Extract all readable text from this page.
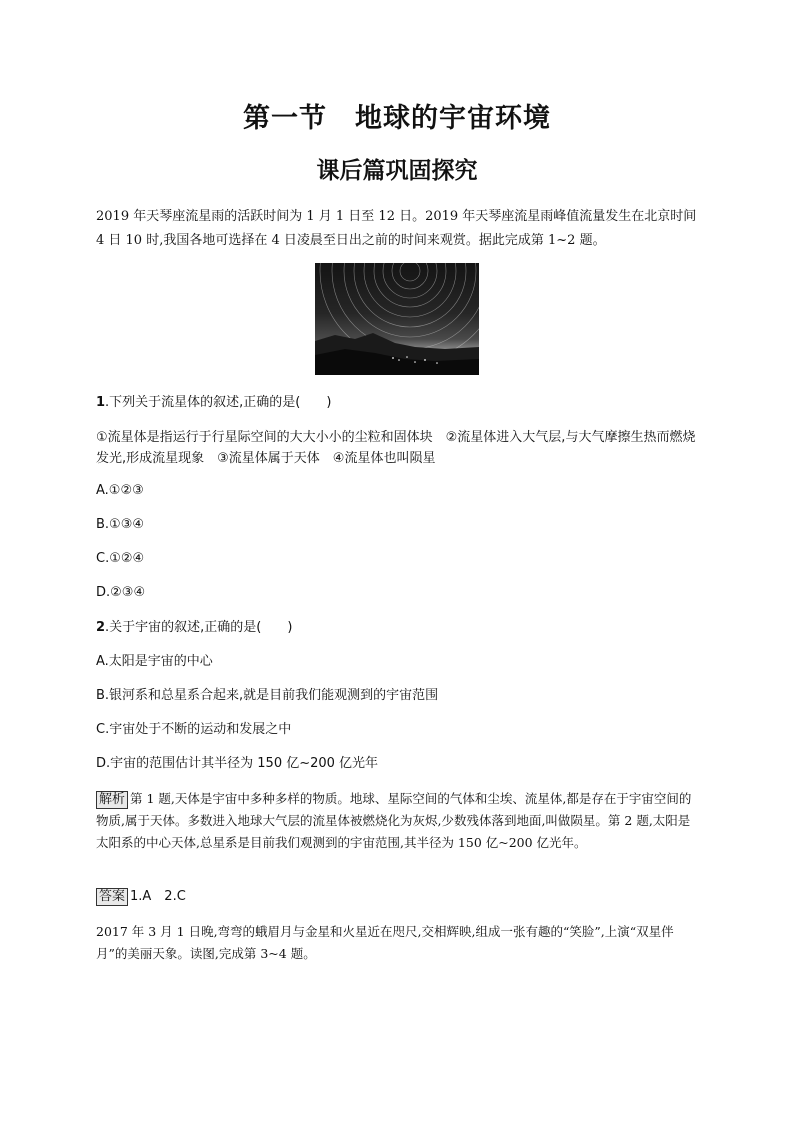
第一节　地球的宇宙环境
课后篇巩固探究
2019 年天琴座流星雨的活跃时间为 1 月 1 日至 12 日。2019 年天琴座流星雨峰值流量发生在北京时间 4 日 10 时,我国各地可选择在 4 日凌晨至日出之前的时间来观赏。据此完成第 1~2 题。
1.下列关于流星体的叙述,正确的是(　　)
①流星体是指运行于行星际空间的大大小小的尘粒和固体块　②流星体进入大气层,与大气摩擦生热而燃烧发光,形成流星现象　③流星体属于天体　④流星体也叫陨星
A.①②③
B.①③④
C.①②④
D.②③④
2.关于宇宙的叙述,正确的是(　　)
A.太阳是宇宙的中心
B.银河系和总星系合起来,就是目前我们能观测到的宇宙范围
C.宇宙处于不断的运动和发展之中
D.宇宙的范围估计其半径为 150 亿~200 亿光年
解析 第 1 题,天体是宇宙中多种多样的物质。地球、星际空间的气体和尘埃、流星体,都是存在于宇宙空间的物质,属于天体。多数进入地球大气层的流星体被燃烧化为灰烬,少数残体落到地面,叫做陨星。第 2 题,太阳是太阳系的中心天体,总星系是目前我们观测到的宇宙范围,其半径为 150 亿~200 亿光年。
答案 1.A　2.C
2017 年 3 月 1 日晚,弯弯的蛾眉月与金星和火星近在咫尺,交相辉映,组成一张有趣的“笑脸”,上演“双星伴月”的美丽天象。读图,完成第 3~4 题。
